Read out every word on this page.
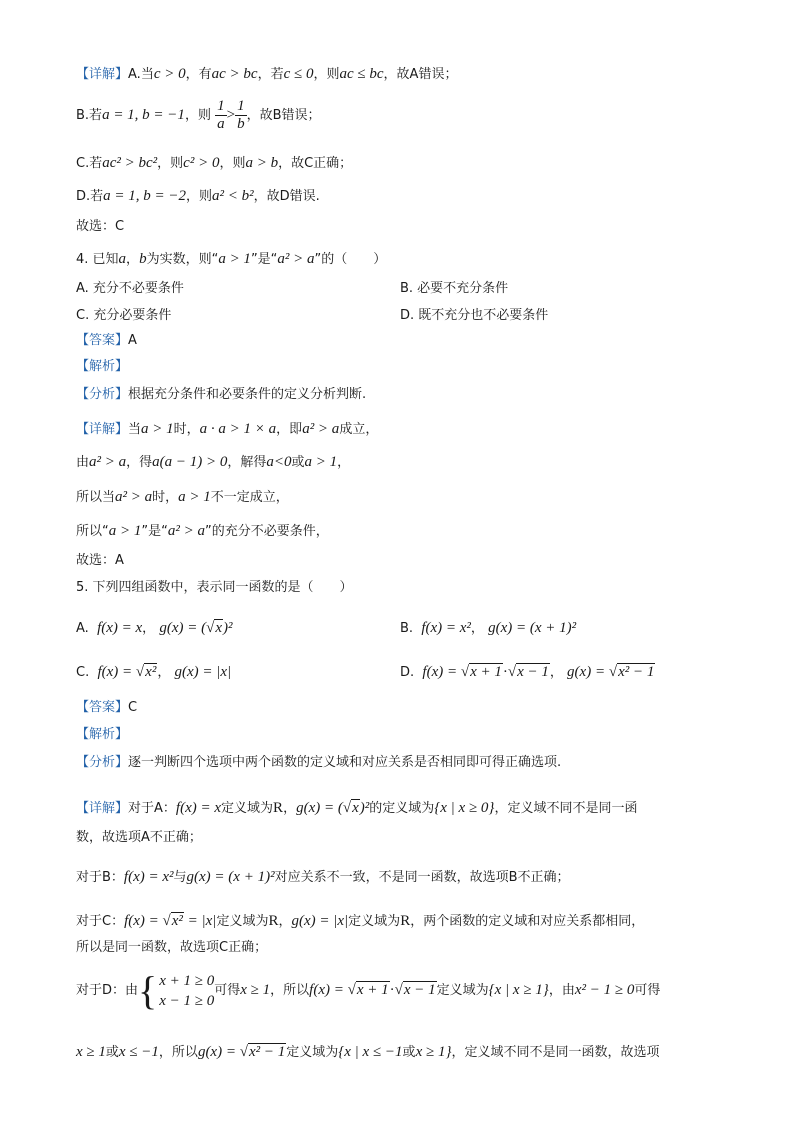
【详解】A.当c > 0，有ac > bc，若c ≤ 0，则ac ≤ bc，故A错误；
B.若a = 1, b = −1，则 $\frac{1}{a} > \frac{1}{b}$ ，故B错误；
C.若ac² > bc²，则c² > 0，则a > b，故C正确；
D.若a = 1, b = −2，则a² < b²，故D错误.
故选：C
4. 已知a，b为实数，则“a > 1”是“a² > a”的（　　）
A. 充分不必要条件	B. 必要不充分条件
C. 充分必要条件	D. 既不充分也不必要条件
【答案】A
【解析】
【分析】根据充分条件和必要条件的定义分析判断.
【详解】当a > 1时，a · a > 1 × a，即a² > a成立，
由a² > a，得a(a − 1) > 0，解得a<0或a > 1，
所以当a² > a时，a > 1不一定成立，
所以“a > 1”是“a² > a”的充分不必要条件，
故选：A
5. 下列四组函数中，表示同一函数的是（　　）
A. f(x) = x， g(x) = (√x)²	B. f(x) = x²， g(x) = (x + 1)²
C. f(x) = √x²， g(x) = |x|	D. f(x) = √x + 1·√x − 1， g(x) = √x² − 1
【答案】C
【解析】
【分析】逐一判断四个选项中两个函数的定义域和对应关系是否相同即可得正确选项.
【详解】对于A：f(x) = x定义域为R，g(x) = (√x)²的定义域为{x | x ≥ 0}，定义域不同不是同一函
数，故选项A不正确；
对于B：f(x) = x²与g(x) = (x + 1)²对应关系不一致，不是同一函数，故选项B不正确；
对于C：f(x) = √x² = |x|定义域为R，g(x) = |x|定义域为R，两个函数的定义域和对应关系都相同，
所以是同一函数，故选项C正确；
对于D：由 { x + 1 ≥ 0
x − 1 ≥ 0
可得x ≥ 1，所以f(x) = √x + 1·√x − 1定义域为{x | x ≥ 1}，由x² − 1 ≥ 0可得
x ≥ 1或x ≤ −1，所以g(x) = √x² − 1定义域为{x | x ≤ −1或x ≥ 1}，定义域不同不是同一函数，故选项
